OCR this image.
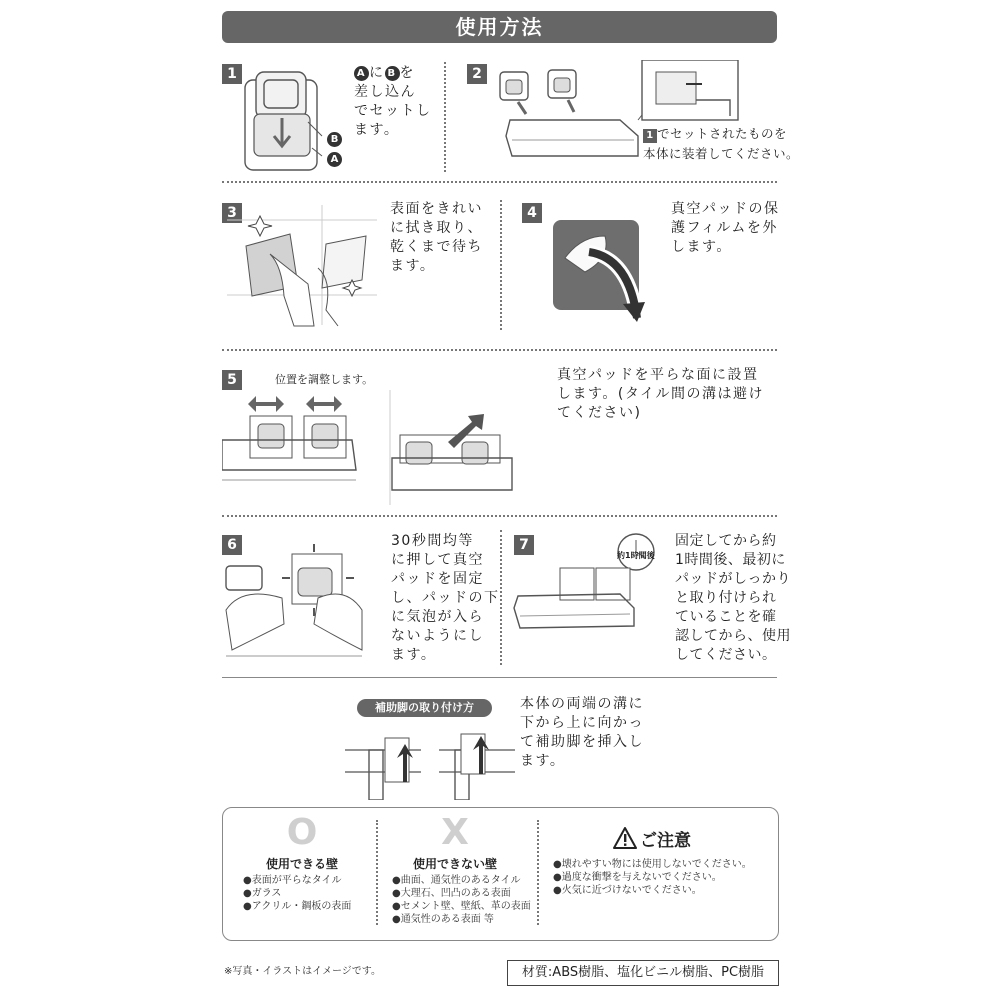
使用方法
1
B
A
A に B を
差し込ん
でセットし
ます。
2
1 でセットされたものを
本体に装着してください。
3	表面をきれい
に拭き取り、
乾くまで待ち
ます。
4	真空パッドの保
護フィルムを外
します。
5	位置を調整します。	真空パッドを平らな面に設置
します。(タイル間の溝は避け
てください)
6	30秒間均等
に押して真空
パッドを固定
し、パッドの下
に気泡が入ら
ないようにし
ます。
7
約1時間後
固定してから約
1時間後、最初に
パッドがしっかり
と取り付けられ
ていることを確
認してから、使用
してください。
補助脚の取り付け方	本体の両端の溝に
下から上に向かっ
て補助脚を挿入し
ます。
O
使用できる壁
●表面が平らなタイル
●ガラス
●アクリル・鋼板の表面
X
使用できない壁
●曲面、通気性のあるタイル
●大理石、凹凸のある表面
●セメント壁、壁紙、革の表面
●通気性のある表面 等
ご注意
●壊れやすい物には使用しないでください。
●過度な衝撃を与えないでください。
●火気に近づけないでください。
※写真・イラストはイメージです。	材質:ABS樹脂、塩化ビニル樹脂、PC樹脂
